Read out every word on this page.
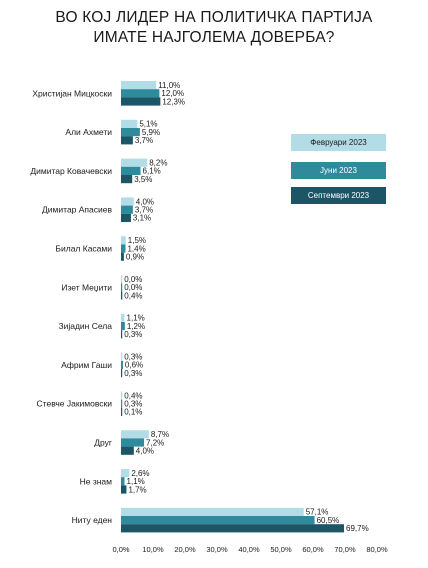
ВО КОЈ ЛИДЕР НА ПОЛИТИЧКА ПАРТИЈА
ИМАТЕ НАЈГОЛЕМА ДОВЕРБА?
Христијан Мицкоски
Али Ахмети
Димитар Ковачевски
Димитар Апасиев
Билал Касами
Изет Меџити
Зијадин Села
Африм Гаши
Стевче Јакимовски
Друг
Не знам
Ниту еден
11,0%
12,0%
12,3%
5,1%
5,9%
3,7%
8,2%
6,1%
3,5%
4,0%
3,7%
3,1%
1,5%
1,4%
0,9%
0,0%
0,0%
0,4%
1,1%
1,2%
0,3%
0,3%
0,6%
0,3%
0,4%
0,3%
0,1%
8,7%
7,2%
4,0%
2,6%
1,1%
1,7%
57,1%
60,5%
69,7%
0,0% 10,0% 20,0% 30,0% 40,0% 50,0% 60,0% 70,0% 80,0%
Февруари 2023
Јуни 2023
Септември 2023
